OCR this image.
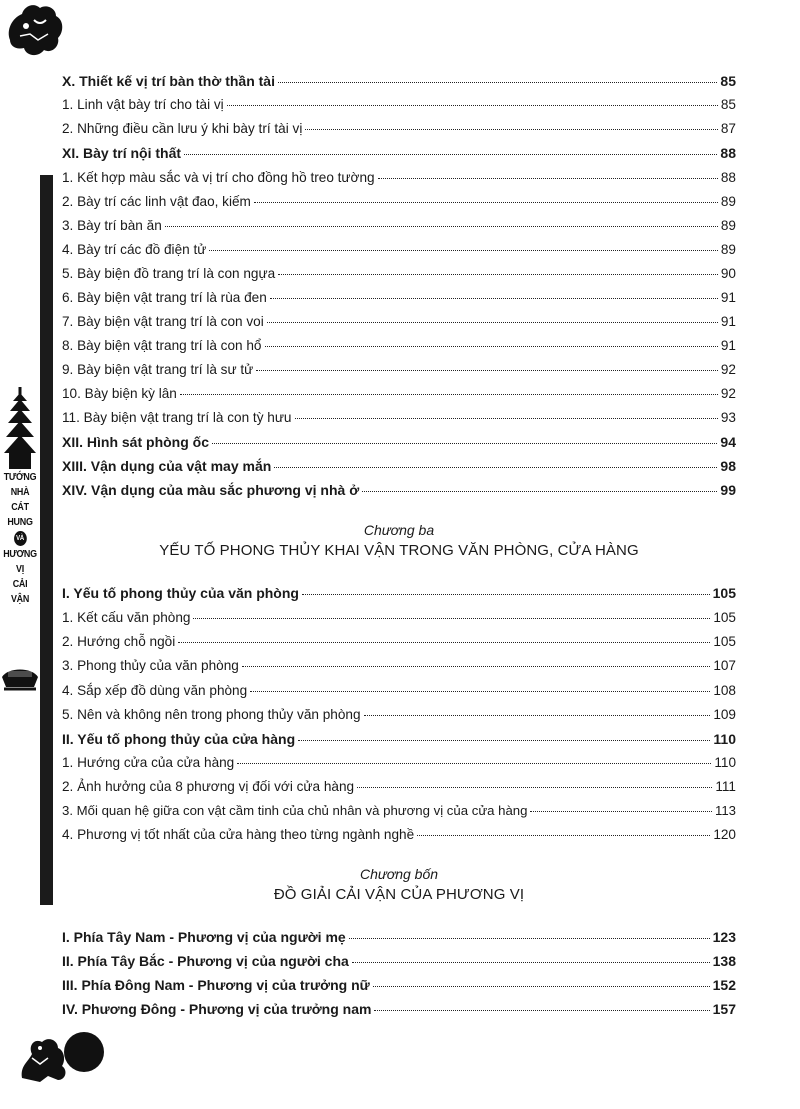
TƯỚNG
NHÀ
CÁT
HUNG
VÀ
HƯƠNG
VỊ
CẢI
VẬN
X. Thiết kế vị trí bàn thờ thần tài	85
1. Linh vật bày trí cho tài vị	85
2. Những điều cần lưu ý khi bày trí tài vị	87
XI. Bày trí nội thất	88
1. Kết hợp màu sắc và vị trí cho đồng hồ treo tường	88
2. Bày trí các linh vật đao, kiếm	89
3. Bày trí bàn ăn	89
4. Bày trí các đồ điện tử	89
5. Bày biện đồ trang trí là con ngựa	90
6. Bày biện vật trang trí là rùa đen	91
7. Bày biện vật trang trí là con voi	91
8. Bày biện vật trang trí là con hổ	91
9. Bày biện vật trang trí là sư tử	92
10. Bày biện kỳ lân	92
11. Bày biện vật trang trí là con tỳ hưu	93
XII. Hình sát phòng ốc	94
XIII. Vận dụng của vật may mắn	98
XIV. Vận dụng của màu sắc phương vị nhà ở	99
Chương ba
YẾU TỐ PHONG THỦY KHAI VẬN TRONG VĂN PHÒNG, CỬA HÀNG
I. Yếu tố phong thủy của văn phòng	105
1. Kết cấu văn phòng	105
2. Hướng chỗ ngồi	105
3. Phong thủy của văn phòng	107
4. Sắp xếp đồ dùng văn phòng	108
5. Nên và không nên trong phong thủy văn phòng	109
II. Yếu tố phong thủy của cửa hàng	110
1. Hướng cửa của cửa hàng	110
2. Ảnh hưởng của 8 phương vị đối với cửa hàng	111
3. Mối quan hệ giữa con vật cầm tinh của chủ nhân và phương vị của cửa hàng	113
4. Phương vị tốt nhất của cửa hàng theo từng ngành nghề	120
Chương bốn
ĐỒ GIẢI CẢI VẬN CỦA PHƯƠNG VỊ
I. Phía Tây Nam - Phương vị của người mẹ	123
II. Phía Tây Bắc - Phương vị của người cha	138
III. Phía Đông Nam - Phương vị của trưởng nữ	152
IV. Phương Đông - Phương vị của trưởng nam	157
